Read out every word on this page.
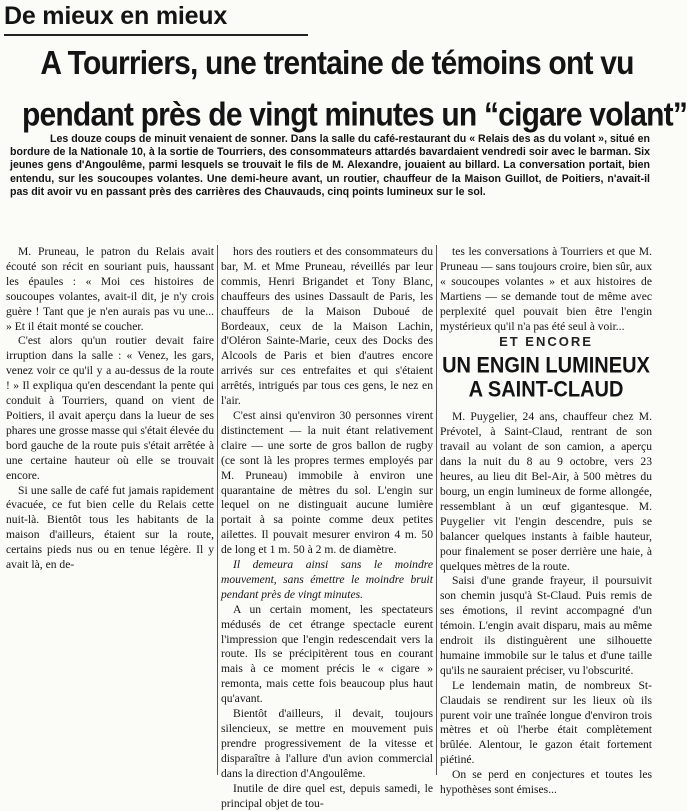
De mieux en mieux
A Tourriers, une trentaine de témoins ont vu
pendant près de vingt minutes un “cigare volant”

Les douze coups de minuit venaient de sonner. Dans la salle du café-restaurant du « Relais des as du volant », situé en bordure de la Nationale 10, à la sortie de Tourriers, des consommateurs attardés bavardaient vendredi soir avec le barman. Six jeunes gens d'Angoulême, parmi lesquels se trouvait le fils de M. Alexandre, jouaient au billard. La conversation portait, bien entendu, sur les soucoupes volantes. Une demi-heure avant, un routier, chauffeur de la Maison Guillot, de Poitiers, n'avait-il pas dit avoir vu en passant près des carrières des Chauvauds, cinq points lumineux sur le sol.

M. Pruneau, le patron du Relais avait écouté son récit en souriant puis, haussant les épaules : « Moi ces histoires de soucoupes volantes, avait-il dit, je n'y crois guère ! Tant que je n'en aurais pas vu une... » Et il était monté se coucher.

C'est alors qu'un routier devait faire irruption dans la salle : « Venez, les gars, venez voir ce qu'il y a au-dessus de la route ! » Il expliqua qu'en descendant la pente qui conduit à Tourriers, quand on vient de Poitiers, il avait aperçu dans la lueur de ses phares une grosse masse qui s'était élevée du bord gauche de la route puis s'était arrêtée à une certaine hauteur où elle se trouvait encore.

Si une salle de café fut jamais rapidement évacuée, ce fut bien celle du Relais cette nuit-là. Bientôt tous les habitants de la maison d'ailleurs, étaient sur la route, certains pieds nus ou en tenue légère. Il y avait là, en de-

hors des routiers et des consommateurs du bar, M. et Mme Pruneau, réveillés par leur commis, Henri Brigandet et Tony Blanc, chauffeurs des usines Dassault de Paris, les chauffeurs de la Maison Duboué de Bordeaux, ceux de la Maison Lachin, d'Oléron Sainte-Marie, ceux des Docks des Alcools de Paris et bien d'autres encore arrivés sur ces entrefaites et qui s'étaient arrêtés, intrigués par tous ces gens, le nez en l'air.

C'est ainsi qu'environ 30 personnes virent distinctement — la nuit étant relativement claire — une sorte de gros ballon de rugby (ce sont là les propres termes employés par M. Pruneau) immobile à environ une quarantaine de mètres du sol. L'engin sur lequel on ne distinguait aucune lumière portait à sa pointe comme deux petites ailettes. Il pouvait mesurer environ 4 m. 50 de long et 1 m. 50 à 2 m. de diamètre.

Il demeura ainsi sans le moindre mouvement, sans émettre le moindre bruit pendant près de vingt minutes.

A un certain moment, les spectateurs médusés de cet étrange spectacle eurent l'impression que l'engin redescendait vers la route. Ils se précipitèrent tous en courant mais à ce moment précis le « cigare » remonta, mais cette fois beaucoup plus haut qu'avant.

Bientôt d'ailleurs, il devait, toujours silencieux, se mettre en mouvement puis prendre progressivement de la vitesse et disparaître à l'allure d'un avion commercial dans la direction d'Angoulême.

Inutile de dire quel est, depuis samedi, le principal objet de tou-

tes les conversations à Tourriers et que M. Pruneau — sans toujours croire, bien sûr, aux « soucoupes volantes » et aux histoires de Martiens — se demande tout de même avec perplexité quel pouvait bien être l'engin mystérieux qu'il n'a pas été seul à voir...

ET ENCORE
UN ENGIN LUMINEUX
A SAINT-CLAUD

M. Puygelier, 24 ans, chauffeur chez M. Prévotel, à Saint-Claud, rentrant de son travail au volant de son camion, a aperçu dans la nuit du 8 au 9 octobre, vers 23 heures, au lieu dit Bel-Air, à 500 mètres du bourg, un engin lumineux de forme allongée, ressemblant à un œuf gigantesque. M. Puygelier vit l'engin descendre, puis se balancer quelques instants à faible hauteur, pour finalement se poser derrière une haie, à quelques mètres de la route.

Saisi d'une grande frayeur, il poursuivit son chemin jusqu'à St-Claud. Puis remis de ses émotions, il revint accompagné d'un témoin. L'engin avait disparu, mais au même endroit ils distinguèrent une silhouette humaine immobile sur le talus et d'une taille qu'ils ne sauraient préciser, vu l'obscurité.

Le lendemain matin, de nombreux St-Claudais se rendirent sur les lieux où ils purent voir une traînée longue d'environ trois mètres et où l'herbe était complètement brûlée. Alentour, le gazon était fortement piétiné.

On se perd en conjectures et toutes les hypothèses sont émises...
